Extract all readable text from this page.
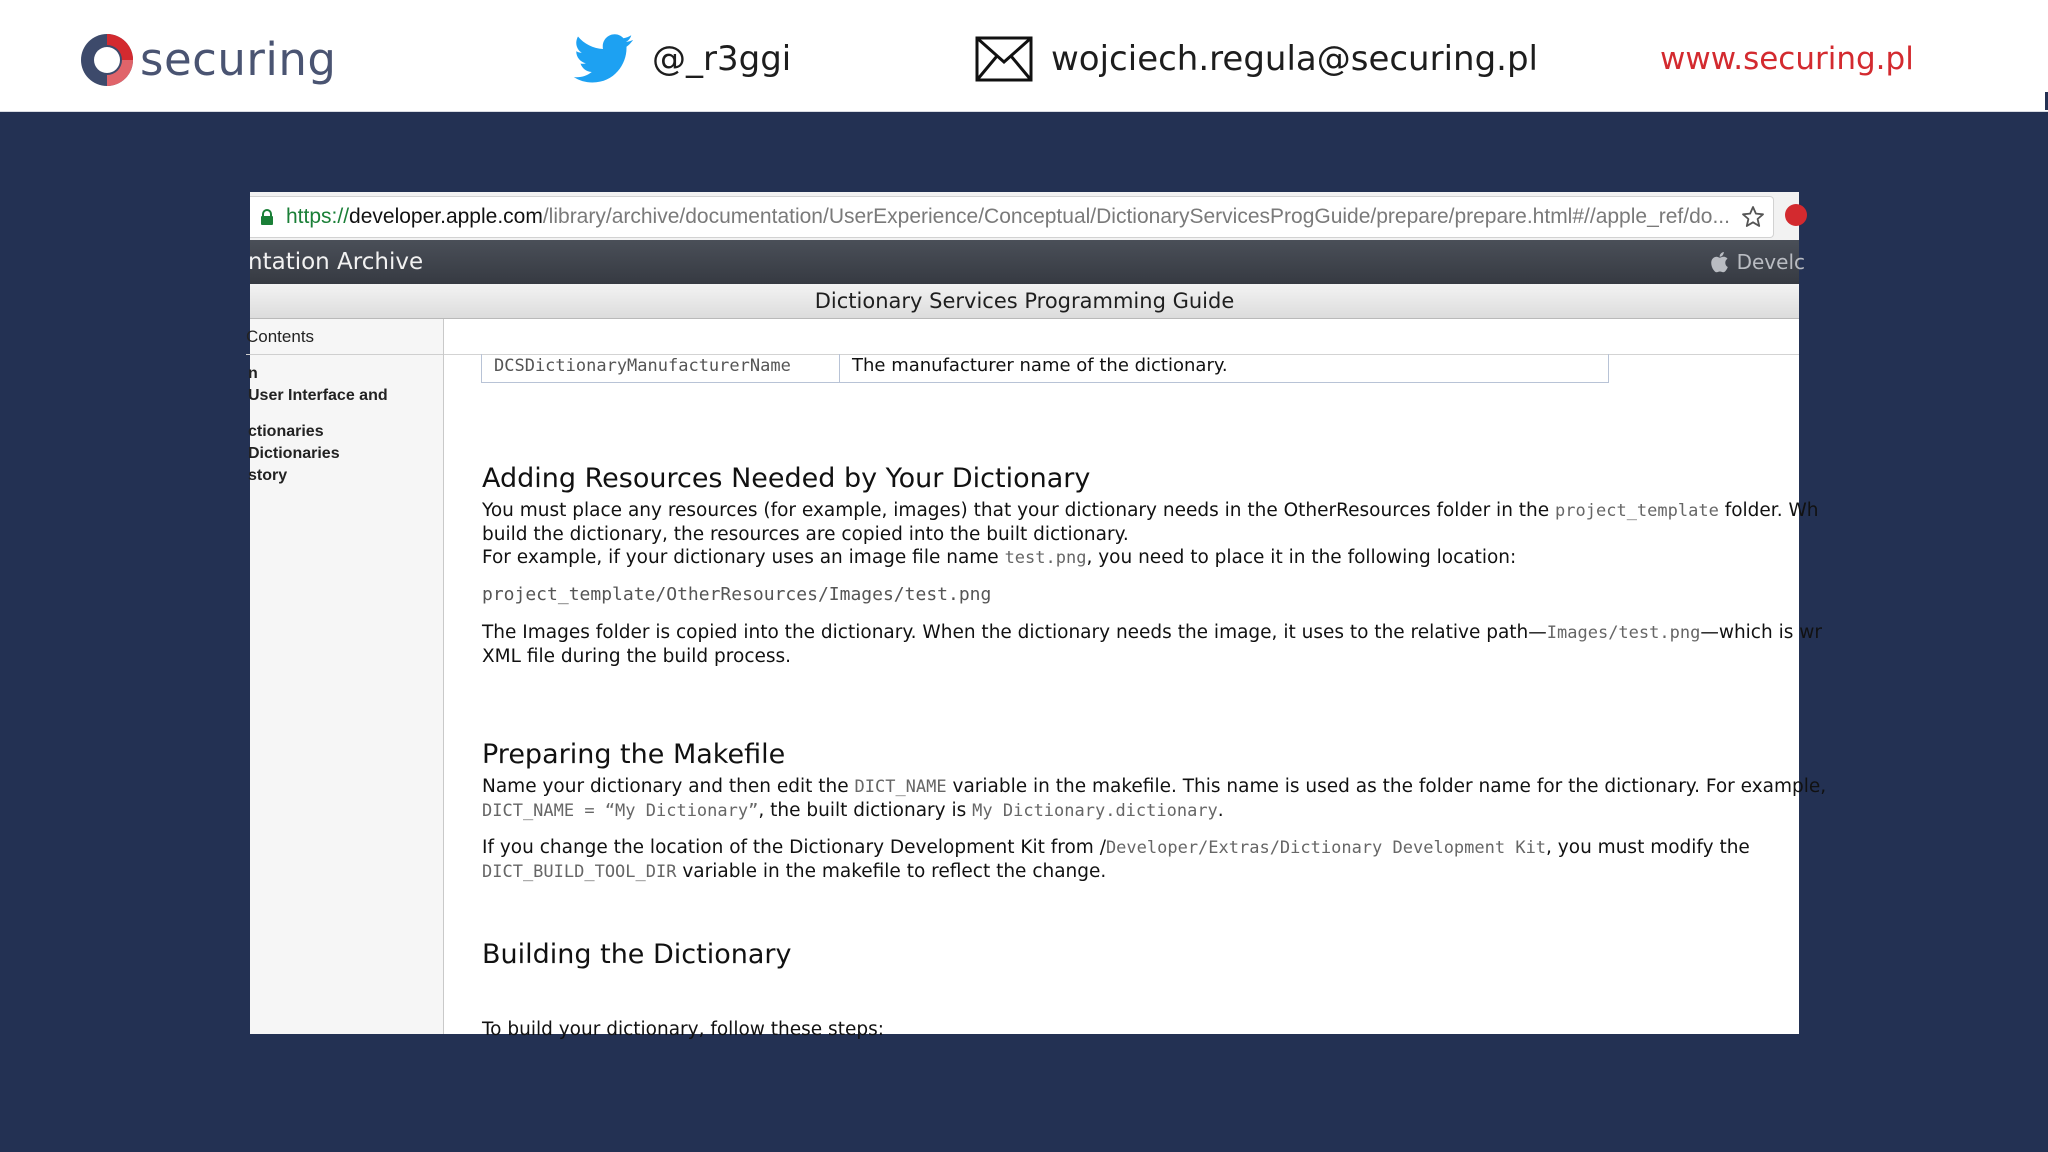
securing	@_r3ggi	wojciech.regula@securing.pl	www.securing.pl
https://developer.apple.com/library/archive/documentation/UserExperience/Conceptual/DictionaryServicesProgGuide/prepare/prepare.html#//apple_ref/do...
ntation Archive	Develc
Dictionary Services Programming Guide
Contents
n
User Interface and
ctionaries
Dictionaries
story
DCSDictionaryManufacturerName	The manufacturer name of the dictionary.
Adding Resources Needed by Your Dictionary
You must place any resources (for example, images) that your dictionary needs in the OtherResources folder in the project_template folder. Wh
build the dictionary, the resources are copied into the built dictionary.
For example, if your dictionary uses an image file name test.png, you need to place it in the following location:
project_template/OtherResources/Images/test.png
The Images folder is copied into the dictionary. When the dictionary needs the image, it uses to the relative path—Images/test.png—which is wr
XML file during the build process.
Preparing the Makefile
Name your dictionary and then edit the DICT_NAME variable in the makefile. This name is used as the folder name for the dictionary. For example,
DICT_NAME = “My Dictionary”, the built dictionary is My Dictionary.dictionary.
If you change the location of the Dictionary Development Kit from /Developer/Extras/Dictionary Development Kit, you must modify the
DICT_BUILD_TOOL_DIR variable in the makefile to reflect the change.
Building the Dictionary
To build your dictionary, follow these steps:
